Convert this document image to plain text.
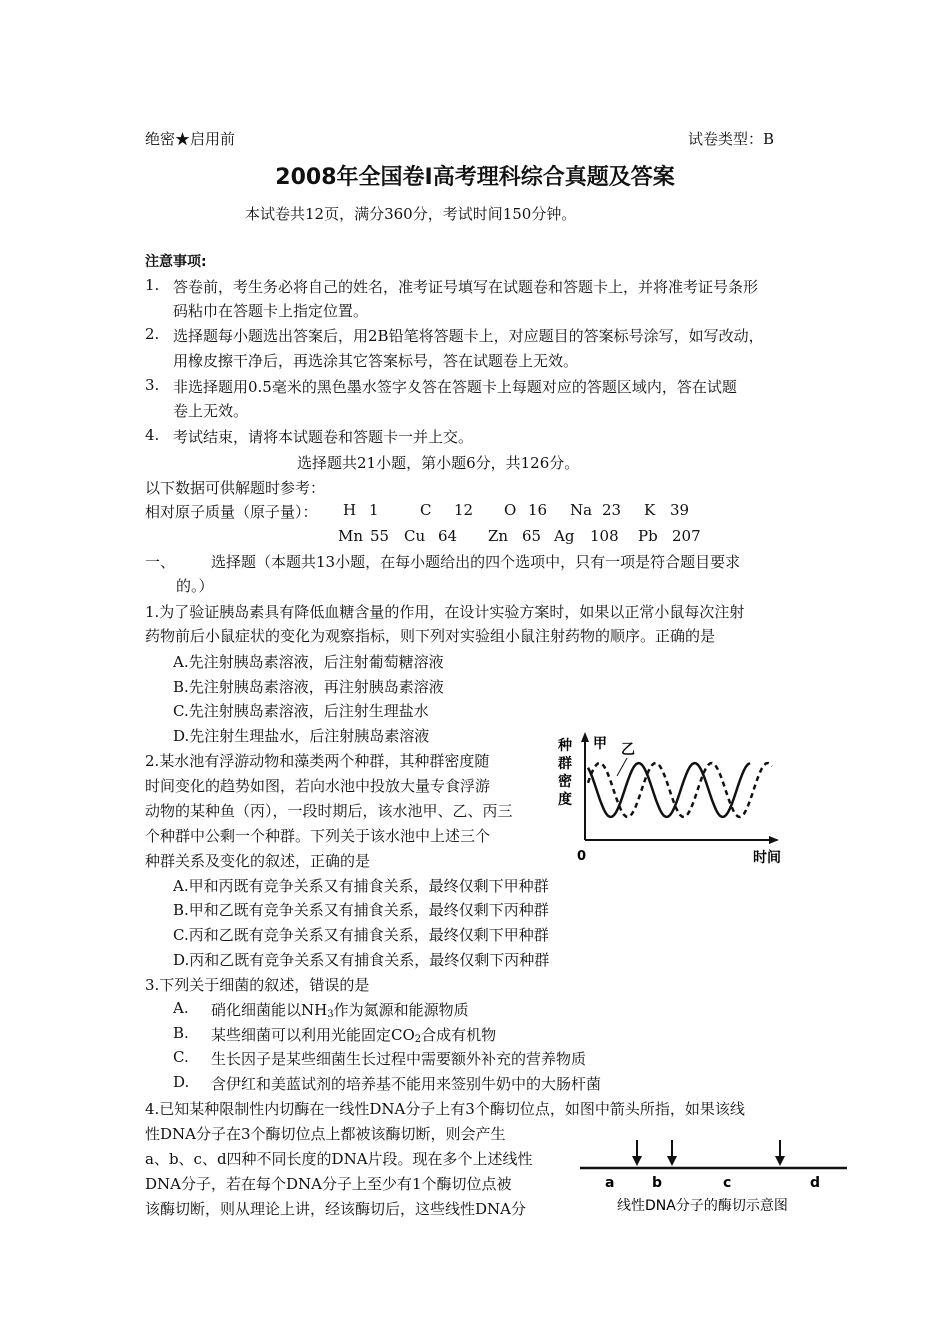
绝密★启用前	试卷类型：B
2008年全国卷Ⅰ高考理科综合真题及答案
本试卷共12页，满分360分，考试时间150分钟。
注意事项:
1. 答卷前，考生务必将自己的姓名，准考证号填写在试题卷和答题卡上，并将准考证号条形
码粘巾在答题卡上指定位置。
2. 选择题每小题选出答案后，用2B铅笔将答题卡上，对应题目的答案标号涂写，如写改动，
用橡皮擦干净后，再选涂其它答案标号，答在试题卷上无效。
3. 非选择题用0.5毫米的黑色墨水签字夊答在答题卡上每题对应的答题区域内，答在试题
卷上无效。
4. 考试结束，请将本试题卷和答题卡一并上交。
选择题共21小题，第小题6分，共126分。
以下数据可供解题时参考：
相对原子质量（原子量）： H 1	C 12 O 16 Na 23 K 39
Mn 55 Cu 64 Zn 65 Ag 108 Pb 207
一、 选择题（本题共13小题，在每小题给出的四个选项中，只有一项是符合题目要求
的。）
1.为了验证胰岛素具有降低血糖含量的作用，在设计实验方案时，如果以正常小鼠每次注射
药物前后小鼠症状的变化为观察指标，则下列对实验组小鼠注射药物的顺序。正确的是
A.先注射胰岛素溶液，后注射葡萄糖溶液
B.先注射胰岛素溶液，再注射胰岛素溶液
C.先注射胰岛素溶液，后注射生理盐水
D.先注射生理盐水，后注射胰岛素溶液
2.某水池有浮游动物和藻类两个种群，其种群密度随
时间变化的趋势如图，若向水池中投放大量专食浮游
动物的某种鱼（丙），一段时期后，该水池甲、乙、丙三
个种群中公剩一个种群。下列关于该水池中上述三个
种群关系及变化的叙述，正确的是
种
群
密
度
甲 乙
0	时间
A.甲和丙既有竞争关系又有捕食关系，最终仅剩下甲种群
B.甲和乙既有竞争关系又有捕食关系，最终仅剩下丙种群
C.丙和乙既有竞争关系又有捕食关系，最终仅剩下甲种群
D.丙和乙既有竞争关系又有捕食关系，最终仅剩下丙种群
3.下列关于细菌的叙述，错误的是
A. 硝化细菌能以$NH_3$作为氮源和能源物质
B. 某些细菌可以利用光能固定$CO_2$合成有机物
C. 生长因子是某些细菌生长过程中需要额外补充的营养物质
D. 含伊红和美蓝试剂的培养基不能用来签别牛奶中的大肠杆菌
4.已知某种限制性内切酶在一线性DNA分子上有3个酶切位点，如图中箭头所指，如果该线
性DNA分子在3个酶切位点上都被该酶切断，则会产生
a、b、c、d四种不同长度的DNA片段。现在多个上述线性
DNA分子，若在每个DNA分子上至少有1个酶切位点被
该酶切断，则从理论上讲，经该酶切后，这些线性DNA分
a	b	c	d
线性DNA分子的酶切示意图
